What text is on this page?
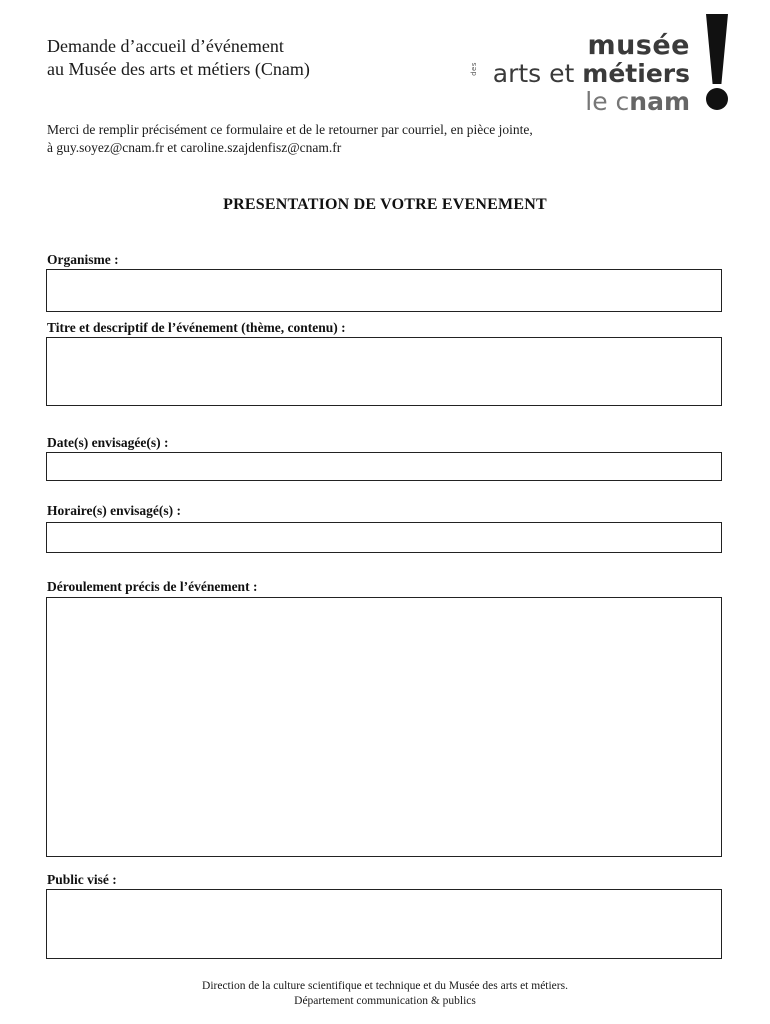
Demande d’accueil d’événement
au Musée des arts et métiers (Cnam)
musée
des arts et métiers
le cnam
Merci de remplir précisément ce formulaire et de le retourner par courriel, en pièce jointe,
à guy.soyez@cnam.fr et caroline.szajdenfisz@cnam.fr
PRESENTATION DE VOTRE EVENEMENT
Organisme :
Titre et descriptif de l’événement (thème, contenu) :
Date(s) envisagée(s) :
Horaire(s) envisagé(s) :
Déroulement précis de l’événement :
Public visé :
Direction de la culture scientifique et technique et du Musée des arts et métiers.
Département communication & publics
